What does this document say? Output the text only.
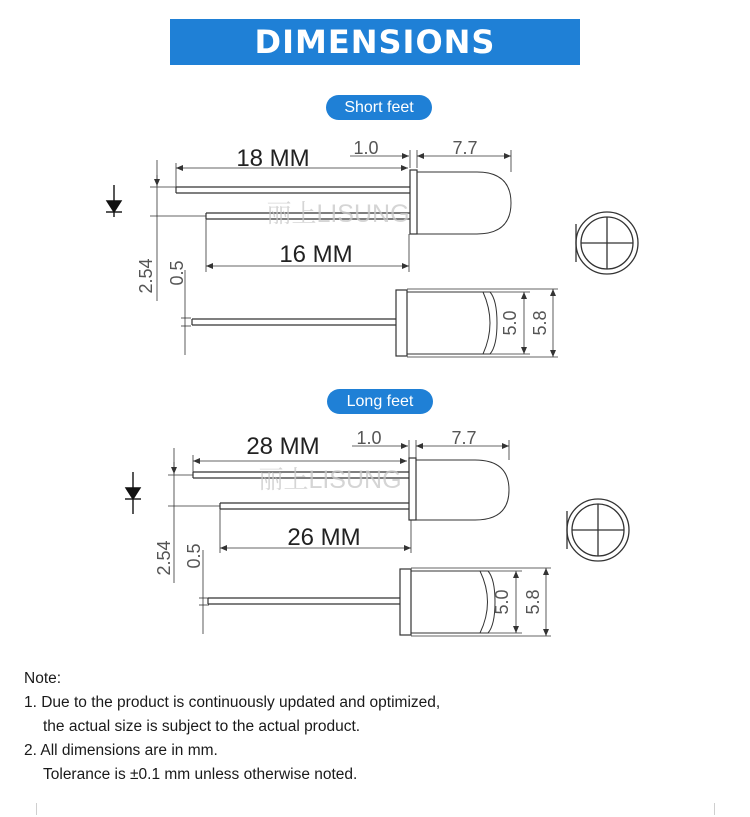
DIMENSIONS
Short feet
Long feet
18 MM
16 MM
1.0	7.7
2.54 0.5
丽上LISUNG
5.0 5.8
28 MM
26 MM
1.0	7.7
2.54 0.5
丽上LISUNG
5.0 5.8
Note:
1. Due to the product is continuously updated and optimized,
the actual size is subject to the actual product.
2. All dimensions are in mm.
Tolerance is ±0.1 mm unless otherwise noted.
